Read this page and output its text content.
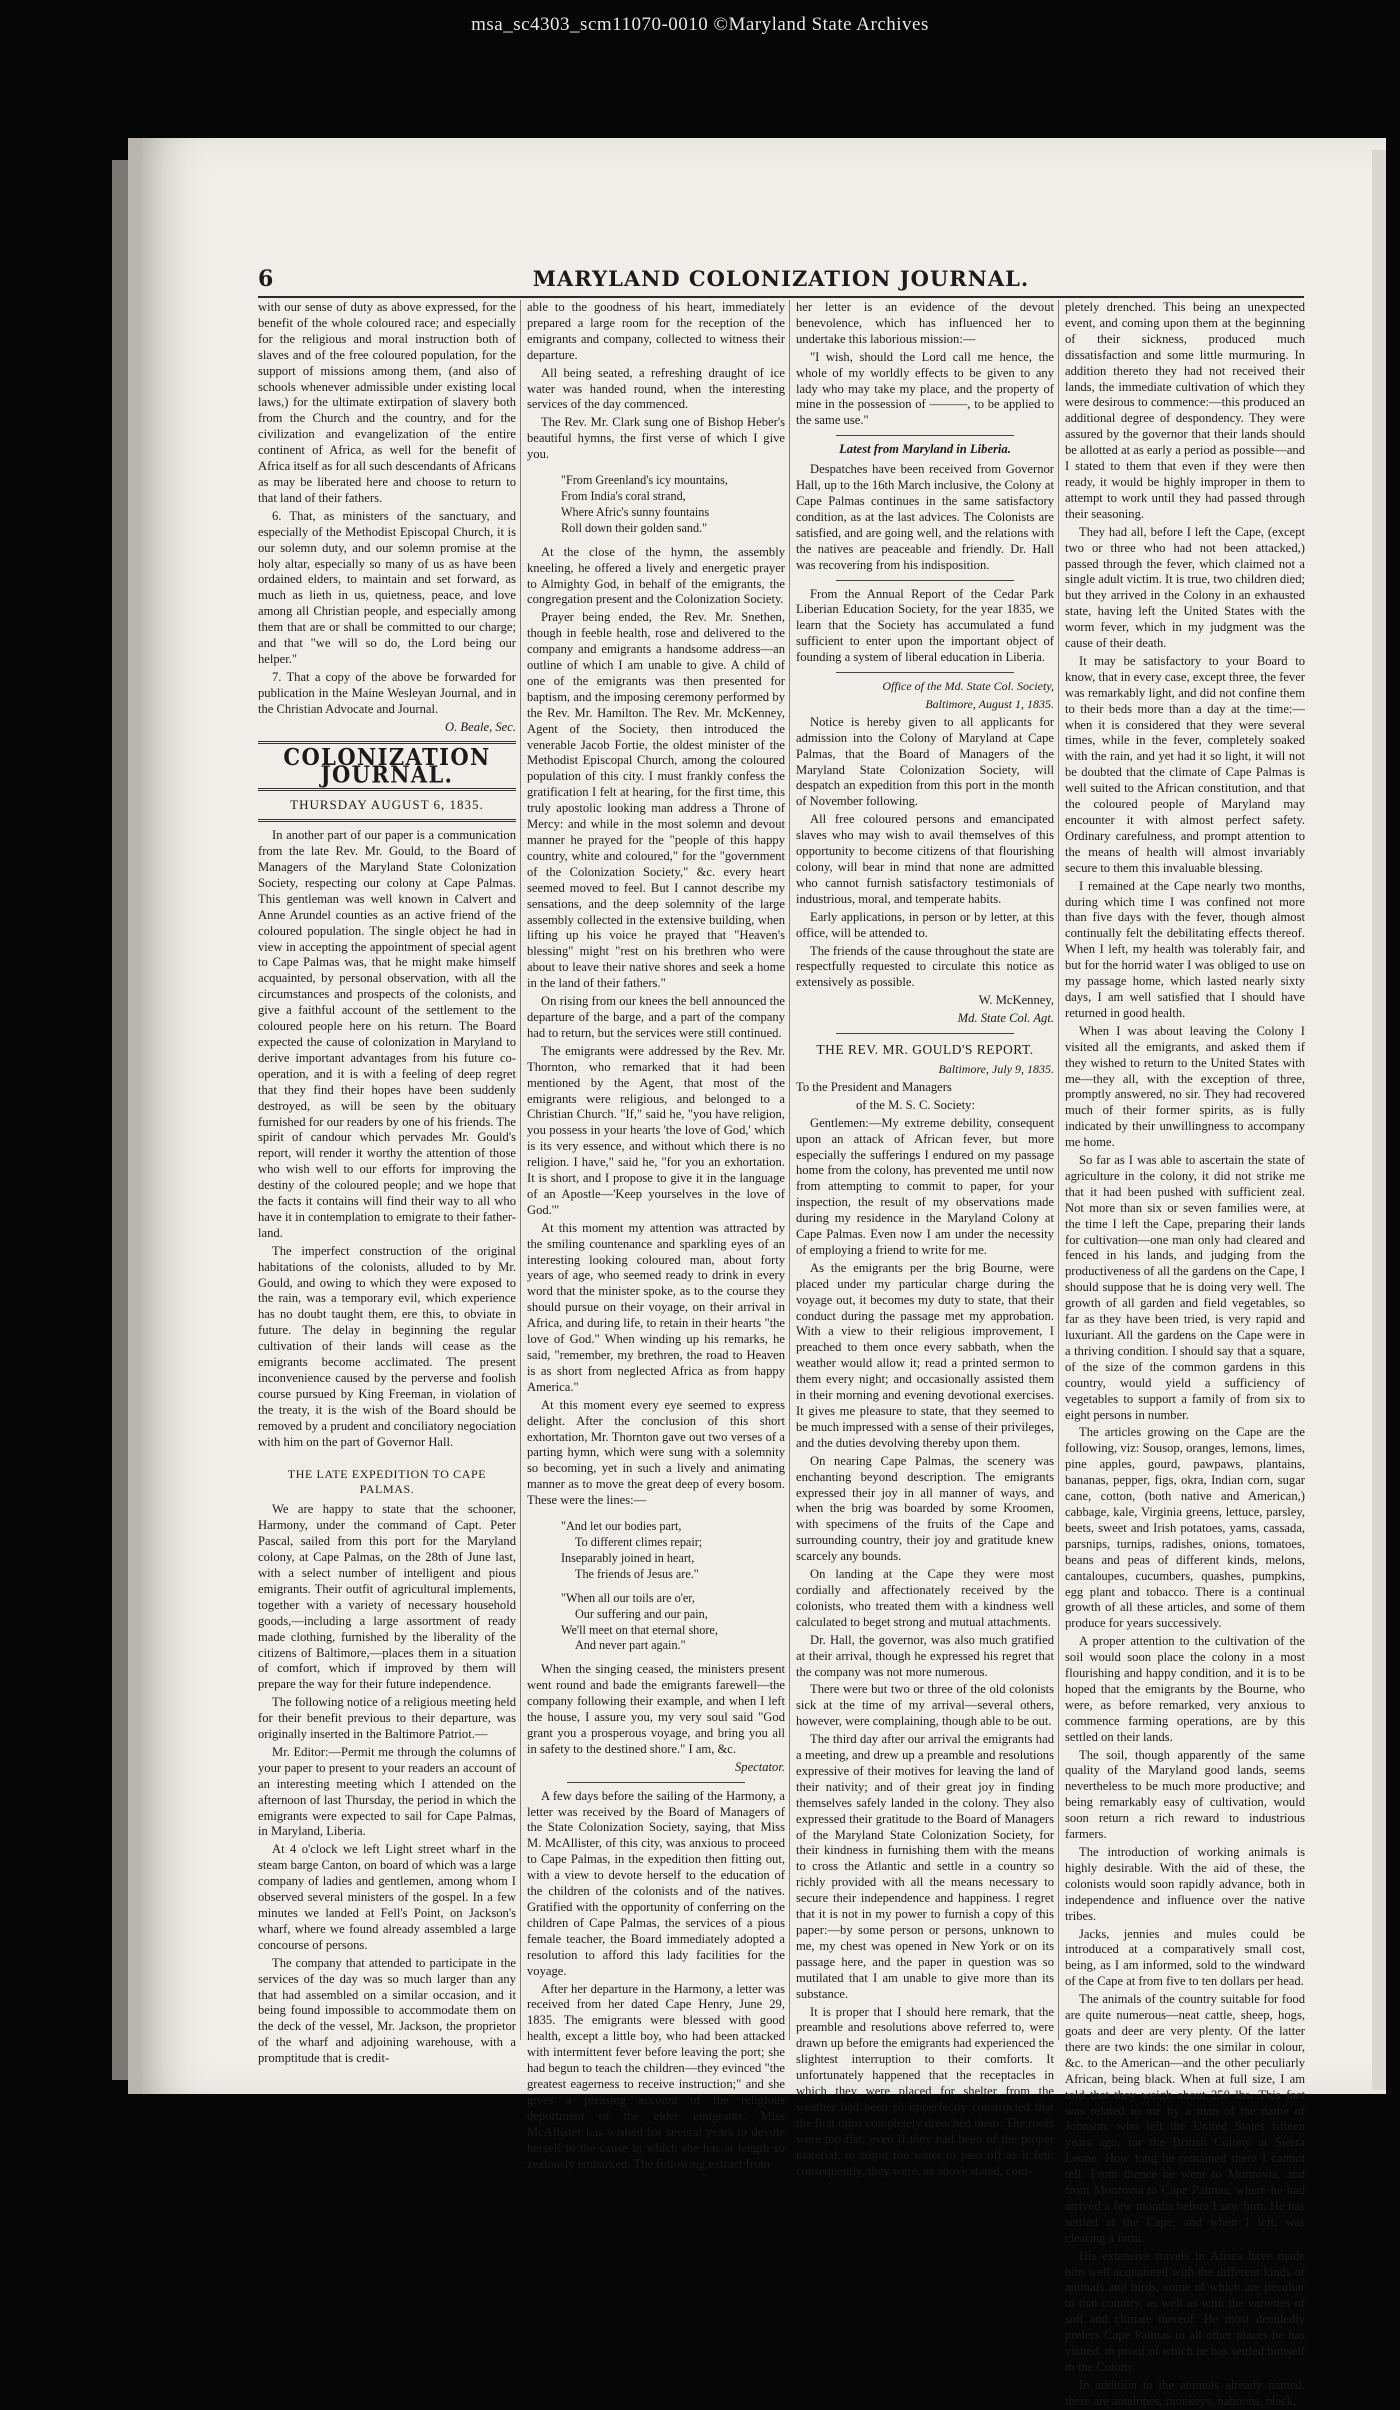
msa_sc4303_scm11070-0010 ©Maryland State Archives
6	MARYLAND COLONIZATION JOURNAL.

with our sense of duty as above expressed, for the benefit of the whole coloured race; and especially for the religious and moral instruction both of slaves and of the free coloured population, for the support of missions among them, (and also of schools whenever admissible under existing local laws,) for the ultimate extirpation of slavery both from the Church and the country, and for the civilization and evangelization of the entire continent of Africa, as well for the benefit of Africa itself as for all such descendants of Africans as may be liberated here and choose to return to that land of their fathers.

6. That, as ministers of the sanctuary, and especially of the Methodist Episcopal Church, it is our solemn duty, and our solemn promise at the holy altar, especially so many of us as have been ordained elders, to maintain and set forward, as much as lieth in us, quietness, peace, and love among all Christian people, and especially among them that are or shall be committed to our charge; and that "we will so do, the Lord being our helper."

7. That a copy of the above be forwarded for publication in the Maine Wesleyan Journal, and in the Christian Advocate and Journal.

O. Beale, Sec.

COLONIZATION JOURNAL.
THURSDAY AUGUST 6, 1835.

In another part of our paper is a communication from the late Rev. Mr. Gould, to the Board of Managers of the Maryland State Colonization Society, respecting our colony at Cape Palmas. This gentleman was well known in Calvert and Anne Arundel counties as an active friend of the coloured population. The single object he had in view in accepting the appointment of special agent to Cape Palmas was, that he might make himself acquainted, by personal observation, with all the circumstances and prospects of the colonists, and give a faithful account of the settlement to the coloured people here on his return. The Board expected the cause of colonization in Maryland to derive important advantages from his future co-operation, and it is with a feeling of deep regret that they find their hopes have been suddenly destroyed, as will be seen by the obituary furnished for our readers by one of his friends. The spirit of candour which pervades Mr. Gould's report, will render it worthy the attention of those who wish well to our efforts for improving the destiny of the coloured people; and we hope that the facts it contains will find their way to all who have it in contemplation to emigrate to their father-land.

The imperfect construction of the original habitations of the colonists, alluded to by Mr. Gould, and owing to which they were exposed to the rain, was a temporary evil, which experience has no doubt taught them, ere this, to obviate in future. The delay in beginning the regular cultivation of their lands will cease as the emigrants become acclimated. The present inconvenience caused by the perverse and foolish course pursued by King Freeman, in violation of the treaty, it is the wish of the Board should be removed by a prudent and conciliatory negociation with him on the part of Governor Hall.

THE LATE EXPEDITION TO CAPE PALMAS.

We are happy to state that the schooner, Harmony, under the command of Capt. Peter Pascal, sailed from this port for the Maryland colony, at Cape Palmas, on the 28th of June last, with a select number of intelligent and pious emigrants. Their outfit of agricultural implements, together with a variety of necessary household goods,—including a large assortment of ready made clothing, furnished by the liberality of the citizens of Baltimore,—places them in a situation of comfort, which if improved by them will prepare the way for their future independence.

The following notice of a religious meeting held for their benefit previous to their departure, was originally inserted in the Baltimore Patriot.—

Mr. Editor:—Permit me through the columns of your paper to present to your readers an account of an interesting meeting which I attended on the afternoon of last Thursday, the period in which the emigrants were expected to sail for Cape Palmas, in Maryland, Liberia.

At 4 o'clock we left Light street wharf in the steam barge Canton, on board of which was a large company of ladies and gentlemen, among whom I observed several ministers of the gospel. In a few minutes we landed at Fell's Point, on Jackson's wharf, where we found already assembled a large concourse of persons.

The company that attended to participate in the services of the day was so much larger than any that had assembled on a similar occasion, and it being found impossible to accommodate them on the deck of the vessel, Mr. Jackson, the proprietor of the wharf and adjoining warehouse, with a promptitude that is credit-

able to the goodness of his heart, immediately prepared a large room for the reception of the emigrants and company, collected to witness their departure.

All being seated, a refreshing draught of ice water was handed round, when the interesting services of the day commenced.

The Rev. Mr. Clark sung one of Bishop Heber's beautiful hymns, the first verse of which I give you.

"From Greenland's icy mountains,

From India's coral strand,

Where Afric's sunny fountains

Roll down their golden sand."

At the close of the hymn, the assembly kneeling, he offered a lively and energetic prayer to Almighty God, in behalf of the emigrants, the congregation present and the Colonization Society.

Prayer being ended, the Rev. Mr. Snethen, though in feeble health, rose and delivered to the company and emigrants a handsome address—an outline of which I am unable to give. A child of one of the emigrants was then presented for baptism, and the imposing ceremony performed by the Rev. Mr. Hamilton. The Rev. Mr. McKenney, Agent of the Society, then introduced the venerable Jacob Fortie, the oldest minister of the Methodist Episcopal Church, among the coloured population of this city. I must frankly confess the gratification I felt at hearing, for the first time, this truly apostolic looking man address a Throne of Mercy: and while in the most solemn and devout manner he prayed for the "people of this happy country, white and coloured," for the "government of the Colonization Society," &c. every heart seemed moved to feel. But I cannot describe my sensations, and the deep solemnity of the large assembly collected in the extensive building, when lifting up his voice he prayed that "Heaven's blessing" might "rest on his brethren who were about to leave their native shores and seek a home in the land of their fathers."

On rising from our knees the bell announced the departure of the barge, and a part of the company had to return, but the services were still continued.

The emigrants were addressed by the Rev. Mr. Thornton, who remarked that it had been mentioned by the Agent, that most of the emigrants were religious, and belonged to a Christian Church. "If," said he, "you have religion, you possess in your hearts 'the love of God,' which is its very essence, and without which there is no religion. I have," said he, "for you an exhortation. It is short, and I propose to give it in the language of an Apostle—'Keep yourselves in the love of God.'"

At this moment my attention was attracted by the smiling countenance and sparkling eyes of an interesting looking coloured man, about forty years of age, who seemed ready to drink in every word that the minister spoke, as to the course they should pursue on their voyage, on their arrival in Africa, and during life, to retain in their hearts "the love of God." When winding up his remarks, he said, "remember, my brethren, the road to Heaven is as short from neglected Africa as from happy America."

At this moment every eye seemed to express delight. After the conclusion of this short exhortation, Mr. Thornton gave out two verses of a parting hymn, which were sung with a solemnity so becoming, yet in such a lively and animating manner as to move the great deep of every bosom. These were the lines:—

"And let our bodies part,

To different climes repair;

Inseparably joined in heart,

The friends of Jesus are."

"When all our toils are o'er,

Our suffering and our pain,

We'll meet on that eternal shore,

And never part again."

When the singing ceased, the ministers present went round and bade the emigrants farewell—the company following their example, and when I left the house, I assure you, my very soul said "God grant you a prosperous voyage, and bring you all in safety to the destined shore." I am, &c.

Spectator.

A few days before the sailing of the Harmony, a letter was received by the Board of Managers of the State Colonization Society, saying, that Miss M. McAllister, of this city, was anxious to proceed to Cape Palmas, in the expedition then fitting out, with a view to devote herself to the education of the children of the colonists and of the natives. Gratified with the opportunity of conferring on the children of Cape Palmas, the services of a pious female teacher, the Board immediately adopted a resolution to afford this lady facilities for the voyage.

After her departure in the Harmony, a letter was received from her dated Cape Henry, June 29, 1835. The emigrants were blessed with good health, except a little boy, who had been attacked with intermittent fever before leaving the port; she had begun to teach the children—they evinced "the greatest eagerness to receive instruction;" and she gives a pleasing account of the religious deportment of the elder emigrants. Miss McAllister has wished for several years to devote herself to the cause in which she has at length so zealously embarked. The following extract from

her letter is an evidence of the devout benevolence, which has influenced her to undertake this laborious mission:—

"I wish, should the Lord call me hence, the whole of my worldly effects to be given to any lady who may take my place, and the property of mine in the possession of ———, to be applied to the same use."

Latest from Maryland in Liberia.

Despatches have been received from Governor Hall, up to the 16th March inclusive, the Colony at Cape Palmas continues in the same satisfactory condition, as at the last advices. The Colonists are satisfied, and are going well, and the relations with the natives are peaceable and friendly. Dr. Hall was recovering from his indisposition.

From the Annual Report of the Cedar Park Liberian Education Society, for the year 1835, we learn that the Society has accumulated a fund sufficient to enter upon the important object of founding a system of liberal education in Liberia.

Office of the Md. State Col. Society,

Baltimore, August 1, 1835.

Notice is hereby given to all applicants for admission into the Colony of Maryland at Cape Palmas, that the Board of Managers of the Maryland State Colonization Society, will despatch an expedition from this port in the month of November following.

All free coloured persons and emancipated slaves who may wish to avail themselves of this opportunity to become citizens of that flourishing colony, will bear in mind that none are admitted who cannot furnish satisfactory testimonials of industrious, moral, and temperate habits.

Early applications, in person or by letter, at this office, will be attended to.

The friends of the cause throughout the state are respectfully requested to circulate this notice as extensively as possible.

W. McKenney,

Md. State Col. Agt.

THE REV. MR. GOULD'S REPORT.

Baltimore, July 9, 1835.

To the President and Managers

of the M. S. C. Society:

Gentlemen:—My extreme debility, consequent upon an attack of African fever, but more especially the sufferings I endured on my passage home from the colony, has prevented me until now from attempting to commit to paper, for your inspection, the result of my observations made during my residence in the Maryland Colony at Cape Palmas. Even now I am under the necessity of employing a friend to write for me.

As the emigrants per the brig Bourne, were placed under my particular charge during the voyage out, it becomes my duty to state, that their conduct during the passage met my approbation. With a view to their religious improvement, I preached to them once every sabbath, when the weather would allow it; read a printed sermon to them every night; and occasionally assisted them in their morning and evening devotional exercises. It gives me pleasure to state, that they seemed to be much impressed with a sense of their privileges, and the duties devolving thereby upon them.

On nearing Cape Palmas, the scenery was enchanting beyond description. The emigrants expressed their joy in all manner of ways, and when the brig was boarded by some Kroomen, with specimens of the fruits of the Cape and surrounding country, their joy and gratitude knew scarcely any bounds.

On landing at the Cape they were most cordially and affectionately received by the colonists, who treated them with a kindness well calculated to beget strong and mutual attachments.

Dr. Hall, the governor, was also much gratified at their arrival, though he expressed his regret that the company was not more numerous.

There were but two or three of the old colonists sick at the time of my arrival—several others, however, were complaining, though able to be out.

The third day after our arrival the emigrants had a meeting, and drew up a preamble and resolutions expressive of their motives for leaving the land of their nativity; and of their great joy in finding themselves safely landed in the colony. They also expressed their gratitude to the Board of Managers of the Maryland State Colonization Society, for their kindness in furnishing them with the means to cross the Atlantic and settle in a country so richly provided with all the means necessary to secure their independence and happiness. I regret that it is not in my power to furnish a copy of this paper:—by some person or persons, unknown to me, my chest was opened in New York or on its passage here, and the paper in question was so mutilated that I am unable to give more than its substance.

It is proper that I should here remark, that the preamble and resolutions above referred to, were drawn up before the emigrants had experienced the slightest interruption to their comforts. It unfortunately happened that the receptacles in which they were placed for shelter from the weather had been so imperfectly constructed that the first rains completely drenched them. The roofs were too flat, even if they had been of the proper material, to admit the water to pass off as it fell; consequently, they were, as above stated, com-

pletely drenched. This being an unexpected event, and coming upon them at the beginning of their sickness, produced much dissatisfaction and some little murmuring. In addition thereto they had not received their lands, the immediate cultivation of which they were desirous to commence:—this produced an additional degree of despondency. They were assured by the governor that their lands should be allotted at as early a period as possible—and I stated to them that even if they were then ready, it would be highly improper in them to attempt to work until they had passed through their seasoning.

They had all, before I left the Cape, (except two or three who had not been attacked,) passed through the fever, which claimed not a single adult victim. It is true, two children died; but they arrived in the Colony in an exhausted state, having left the United States with the worm fever, which in my judgment was the cause of their death.

It may be satisfactory to your Board to know, that in every case, except three, the fever was remarkably light, and did not confine them to their beds more than a day at the time:—when it is considered that they were several times, while in the fever, completely soaked with the rain, and yet had it so light, it will not be doubted that the climate of Cape Palmas is well suited to the African constitution, and that the coloured people of Maryland may encounter it with almost perfect safety. Ordinary carefulness, and prompt attention to the means of health will almost invariably secure to them this invaluable blessing.

I remained at the Cape nearly two months, during which time I was confined not more than five days with the fever, though almost continually felt the debilitating effects thereof. When I left, my health was tolerably fair, and but for the horrid water I was obliged to use on my passage home, which lasted nearly sixty days, I am well satisfied that I should have returned in good health.

When I was about leaving the Colony I visited all the emigrants, and asked them if they wished to return to the United States with me—they all, with the exception of three, promptly answered, no sir. They had recovered much of their former spirits, as is fully indicated by their unwillingness to accompany me home.

So far as I was able to ascertain the state of agriculture in the colony, it did not strike me that it had been pushed with sufficient zeal. Not more than six or seven families were, at the time I left the Cape, preparing their lands for cultivation—one man only had cleared and fenced in his lands, and judging from the productiveness of all the gardens on the Cape, I should suppose that he is doing very well. The growth of all garden and field vegetables, so far as they have been tried, is very rapid and luxuriant. All the gardens on the Cape were in a thriving condition. I should say that a square, of the size of the common gardens in this country, would yield a sufficiency of vegetables to support a family of from six to eight persons in number.

The articles growing on the Cape are the following, viz: Sousop, oranges, lemons, limes, pine apples, gourd, pawpaws, plantains, bananas, pepper, figs, okra, Indian corn, sugar cane, cotton, (both native and American,) cabbage, kale, Virginia greens, lettuce, parsley, beets, sweet and Irish potatoes, yams, cassada, parsnips, turnips, radishes, onions, tomatoes, beans and peas of different kinds, melons, cantaloupes, cucumbers, quashes, pumpkins, egg plant and tobacco. There is a continual growth of all these articles, and some of them produce for years successively.

A proper attention to the cultivation of the soil would soon place the colony in a most flourishing and happy condition, and it is to be hoped that the emigrants by the Bourne, who were, as before remarked, very anxious to commence farming operations, are by this settled on their lands.

The soil, though apparently of the same quality of the Maryland good lands, seems nevertheless to be much more productive; and being remarkably easy of cultivation, would soon return a rich reward to industrious farmers.

The introduction of working animals is highly desirable. With the aid of these, the colonists would soon rapidly advance, both in independence and influence over the native tribes.

Jacks, jennies and mules could be introduced at a comparatively small cost, being, as I am informed, sold to the windward of the Cape at from five to ten dollars per head.

The animals of the country suitable for food are quite numerous—neat cattle, sheep, hogs, goats and deer are very plenty. Of the latter there are two kinds: the one similar in colour, &c. to the American—and the other peculiarly African, being black. When at full size, I am told that they weigh about 250 lbs. This fact was related to me by a man of the name of Johnson, who left the United States fifteen years ago, for the British Colony at Sierra Leone. How long he remained there I cannot tell. From thence he went to Monrovia, and from Monrovia to Cape Palmas, where he had arrived a few months before I saw him. He has settled at the Cape, and when I left, was clearing a farm.

His extensive travels in Africa have made him well acquainted with the different kinds of animals and birds, some of which are peculiar to that country, as well as with the varieties of soil and climate thereof. He most decidedly prefers Cape Palmas to all other places he has visited, in proof of which he has settled himself in the Colony.

In addition to the animals already named, there are antelopes, monkeys, baboons, black,
